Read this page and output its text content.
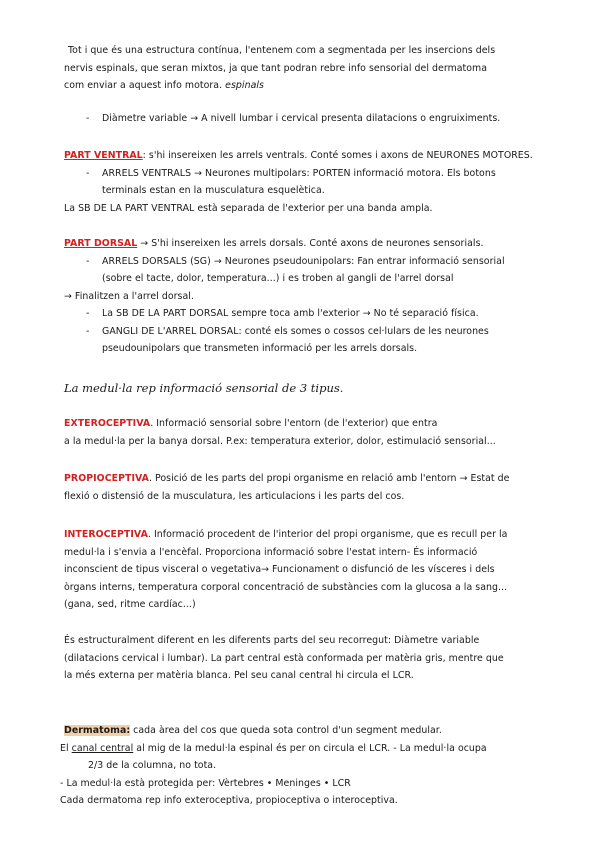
Tot i que és una estructura contínua, l'entenem com a segmentada per les insercions dels
nervis espinals, que seran mixtos, ja que tant podran rebre info sensorial del dermatoma
com enviar a aquest info motora. espinals
- Diàmetre variable → A nivell lumbar i cervical presenta dilatacions o engruiximents.
PART VENTRAL: s'hi insereixen les arrels ventrals. Conté somes i axons de NEURONES MOTORES.
- ARRELS VENTRALS → Neurones multipolars: PORTEN informació motora. Els botons
terminals estan en la musculatura esquelètica.
La SB DE LA PART VENTRAL està separada de l'exterior per una banda ampla.
PART DORSAL → S'hi insereixen les arrels dorsals. Conté axons de neurones sensorials.
- ARRELS DORSALS (SG) → Neurones pseudounipolars: Fan entrar informació sensorial
(sobre el tacte, dolor, temperatura...) i es troben al gangli de l'arrel dorsal
→ Finalitzen a l'arrel dorsal.
- La SB DE LA PART DORSAL sempre toca amb l'exterior → No té separació física.
- GANGLI DE L'ARREL DORSAL: conté els somes o cossos cel·lulars de les neurones
pseudounipolars que transmeten informació per les arrels dorsals.
La medul·la rep informació sensorial de 3 tipus.
EXTEROCEPTIVA. Informació sensorial sobre l'entorn (de l'exterior) que entra
a la medul·la per la banya dorsal. P.ex: temperatura exterior, dolor, estimulació sensorial...
PROPIOCEPTIVA. Posició de les parts del propi organisme en relació amb l'entorn → Estat de
flexió o distensió de la musculatura, les articulacions i les parts del cos.
INTEROCEPTIVA. Informació procedent de l'interior del propi organisme, que es recull per la
medul·la i s'envia a l'encèfal. Proporciona informació sobre l'estat intern- És informació
inconscient de tipus visceral o vegetativa→ Funcionament o disfunció de les vísceres i dels
òrgans interns, temperatura corporal concentració de substàncies com la glucosa a la sang...
(gana, sed, ritme cardíac...)
És estructuralment diferent en les diferents parts del seu recorregut: Diàmetre variable
(dilatacions cervical i lumbar). La part central està conformada per matèria gris, mentre que
la més externa per matèria blanca. Pel seu canal central hi circula el LCR.
Dermatoma: cada àrea del cos que queda sota control d'un segment medular.
El canal central al mig de la medul·la espinal és per on circula el LCR. - La medul·la ocupa
2/3 de la columna, no tota.
- La medul·la està protegida per: Vèrtebres • Meninges • LCR
Cada dermatoma rep info exteroceptiva, propioceptiva o interoceptiva.
